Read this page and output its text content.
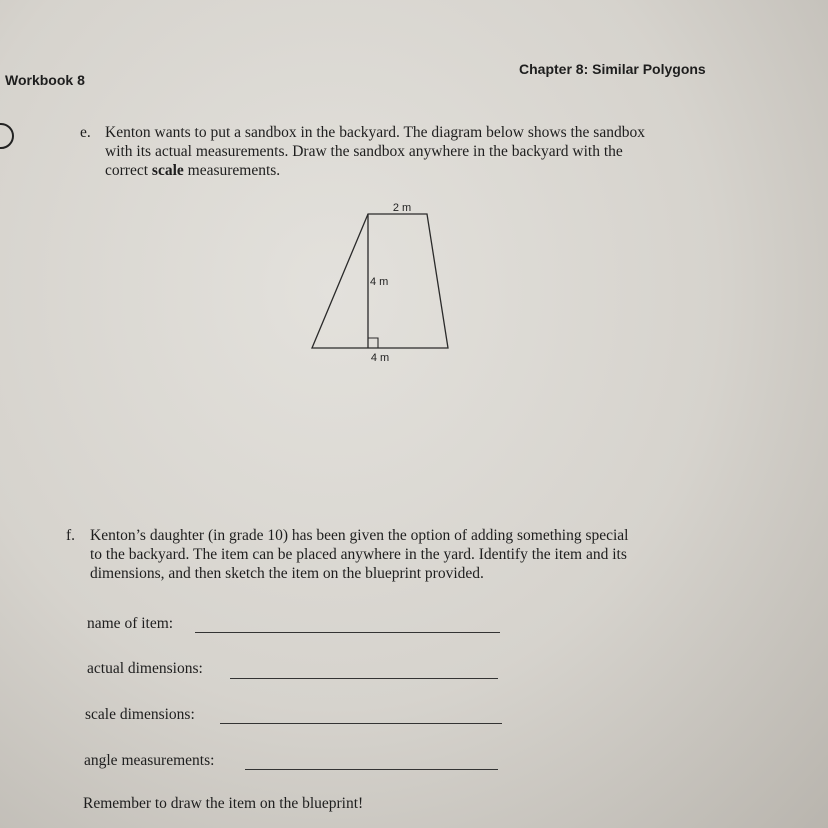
Workbook 8
Chapter 8: Similar Polygons
e. Kenton wants to put a sandbox in the backyard. The diagram below shows the sandbox
with its actual measurements. Draw the sandbox anywhere in the backyard with the
correct scale measurements.
2 m
4 m
4 m
f. Kenton’s daughter (in grade 10) has been given the option of adding something special
to the backyard. The item can be placed anywhere in the yard. Identify the item and its
dimensions, and then sketch the item on the blueprint provided.
name of item:
actual dimensions:
scale dimensions:
angle measurements:
Remember to draw the item on the blueprint!
